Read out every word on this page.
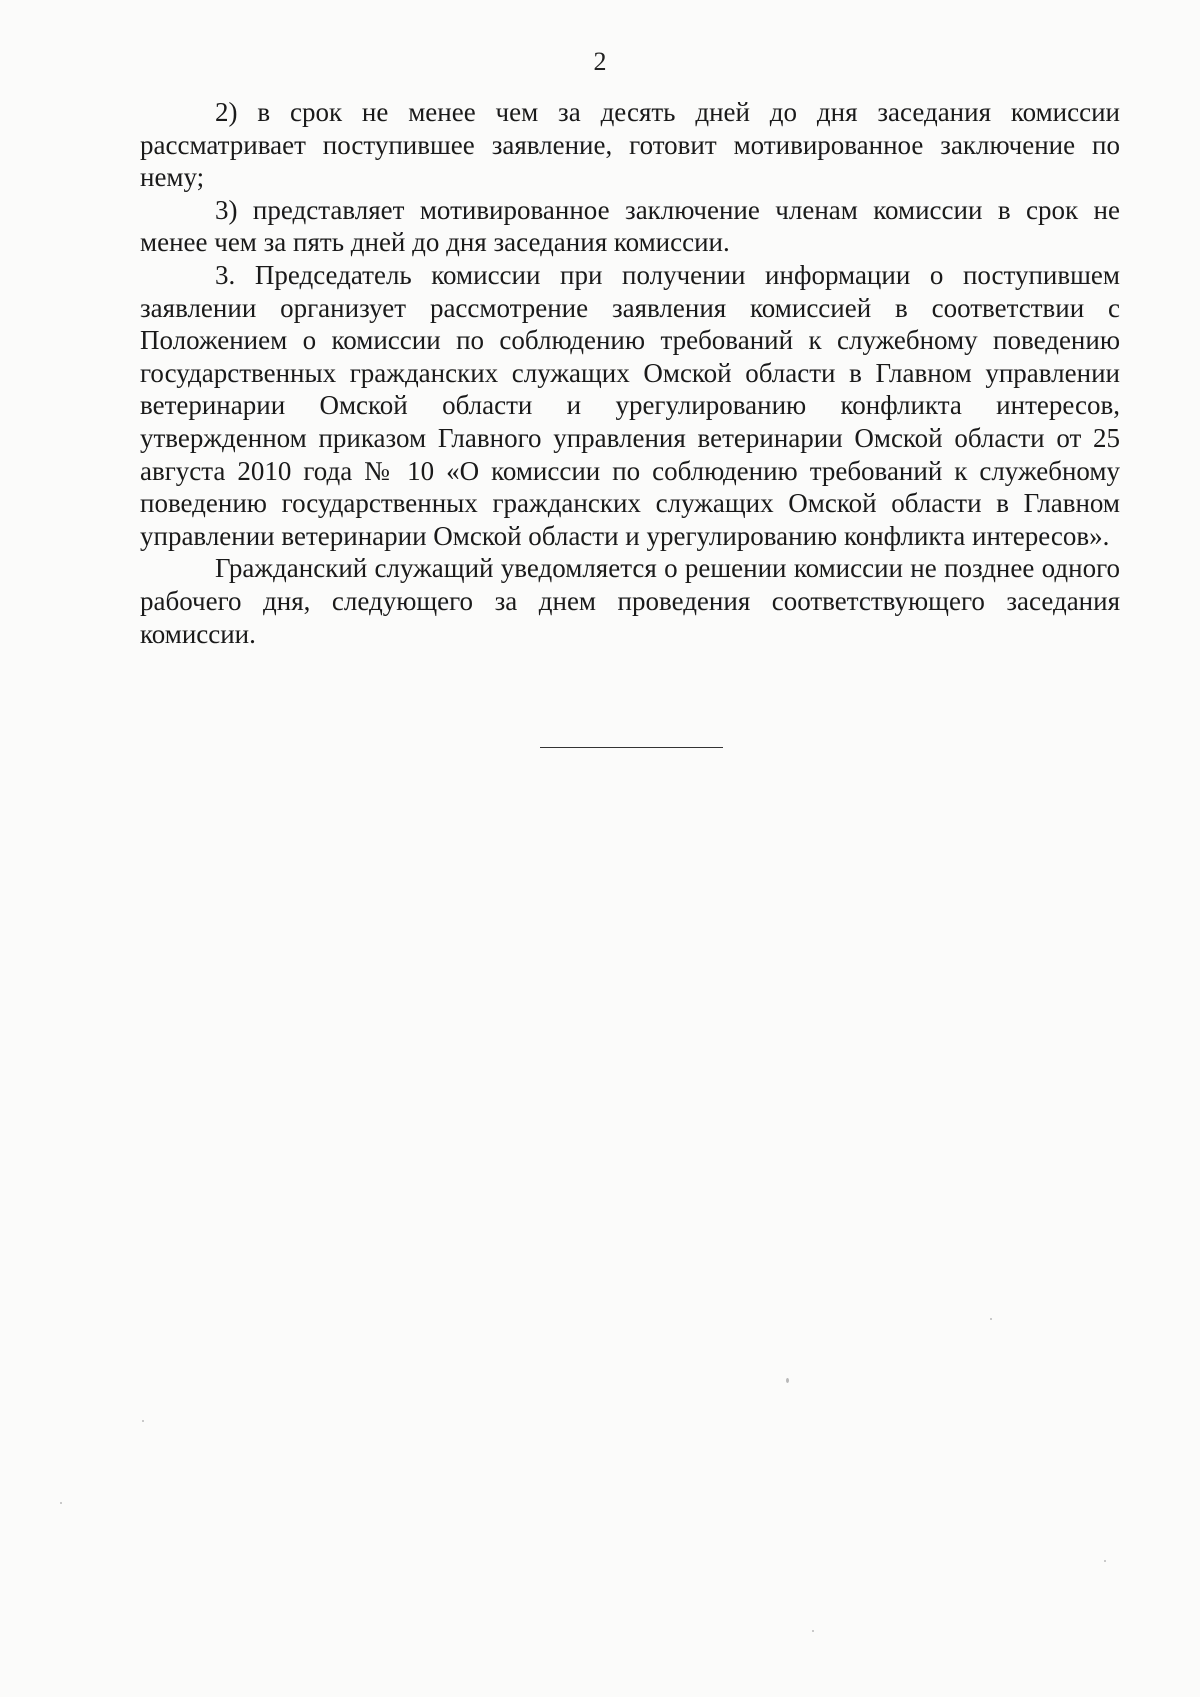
2

2) в срок не менее чем за десять дней до дня заседания комиссии рассматривает поступившее заявление, готовит мотивированное заключение по нему;

3) представляет мотивированное заключение членам комиссии в срок не менее чем за пять дней до дня заседания комиссии.

3. Председатель комиссии при получении информации о поступившем заявлении организует рассмотрение заявления комиссией в соответствии с Положением о комиссии по соблюдению требований к служебному поведению государственных гражданских служащих Омской области в Главном управлении ветеринарии Омской области и урегулированию конфликта интересов, утвержденном приказом Главного управления ветеринарии Омской области от 25 августа 2010 года № 10 «О комиссии по соблюдению требований к служебному поведению государственных гражданских служащих Омской области в Главном управлении ветеринарии Омской области и урегулированию конфликта интересов».

Гражданский служащий уведомляется о решении комиссии не позднее одного рабочего дня, следующего за днем проведения соответствующего заседания комиссии.
